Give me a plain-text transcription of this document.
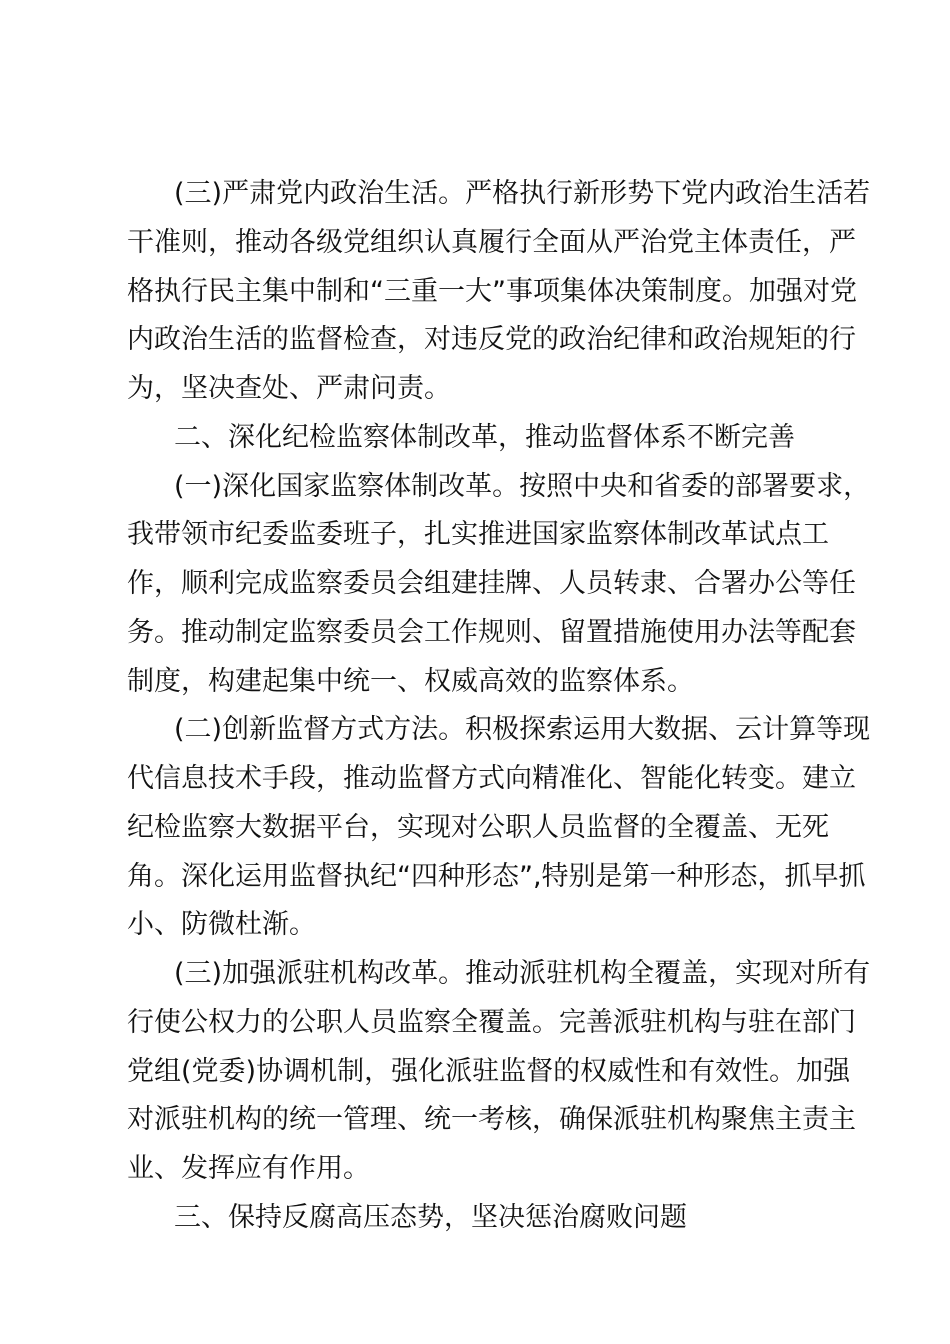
(三)严肃党内政治生活。严格执行新形势下党内政治生活若
干准则，推动各级党组织认真履行全面从严治党主体责任，严
格执行民主集中制和“三重一大”事项集体决策制度。加强对党
内政治生活的监督检查，对违反党的政治纪律和政治规矩的行
为，坚决查处、严肃问责。
二、深化纪检监察体制改革，推动监督体系不断完善
(一)深化国家监察体制改革。按照中央和省委的部署要求，
我带领市纪委监委班子，扎实推进国家监察体制改革试点工
作，顺利完成监察委员会组建挂牌、人员转隶、合署办公等任
务。推动制定监察委员会工作规则、留置措施使用办法等配套
制度，构建起集中统一、权威高效的监察体系。
(二)创新监督方式方法。积极探索运用大数据、云计算等现
代信息技术手段，推动监督方式向精准化、智能化转变。建立
纪检监察大数据平台，实现对公职人员监督的全覆盖、无死
角。深化运用监督执纪“四种形态”,特别是第一种形态，抓早抓
小、防微杜渐。
(三)加强派驻机构改革。推动派驻机构全覆盖，实现对所有
行使公权力的公职人员监察全覆盖。完善派驻机构与驻在部门
党组(党委)协调机制，强化派驻监督的权威性和有效性。加强
对派驻机构的统一管理、统一考核，确保派驻机构聚焦主责主
业、发挥应有作用。
三、保持反腐高压态势，坚决惩治腐败问题
